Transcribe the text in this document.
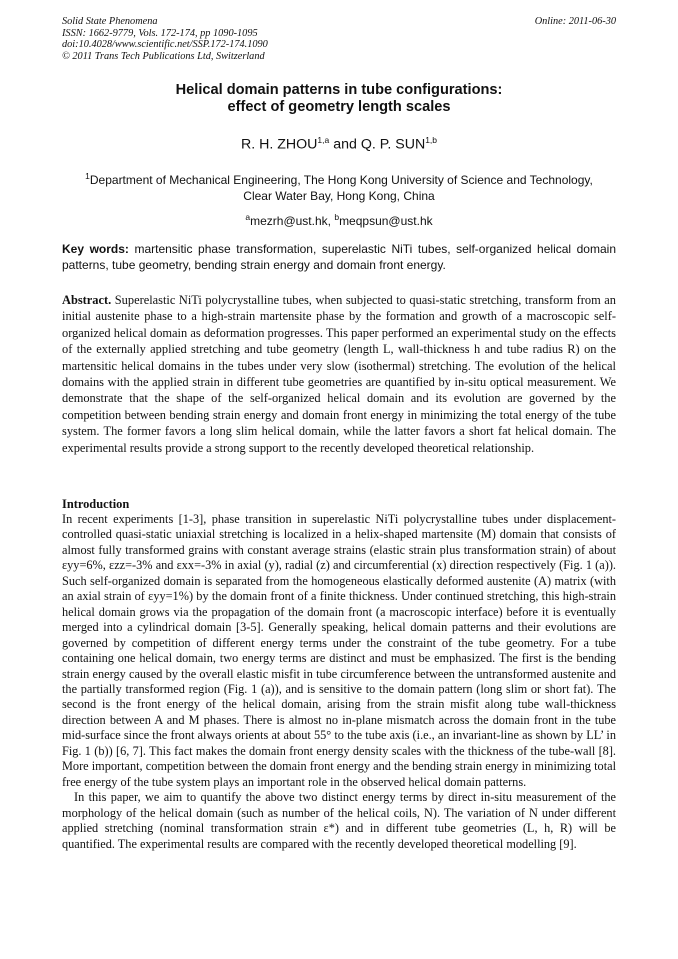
Solid State Phenomena
ISSN: 1662-9779, Vols. 172-174, pp 1090-1095
doi:10.4028/www.scientific.net/SSP.172-174.1090
© 2011 Trans Tech Publications Ltd, Switzerland
Online: 2011-06-30
Helical domain patterns in tube configurations:
effect of geometry length scales
R. H. ZHOU$^{1,a}$ and Q. P. SUN$^{1,b}$
$^1$Department of Mechanical Engineering, The Hong Kong University of Science and Technology,
Clear Water Bay, Hong Kong, China
$^a$mezrh@ust.hk, $^b$meqpsun@ust.hk
Key words: martensitic phase transformation, superelastic NiTi tubes, self-organized helical domain patterns, tube geometry, bending strain energy and domain front energy.
Abstract. Superelastic NiTi polycrystalline tubes, when subjected to quasi-static stretching, transform from an initial austenite phase to a high-strain martensite phase by the formation and growth of a macroscopic self-organized helical domain as deformation progresses. This paper performed an experimental study on the effects of the externally applied stretching and tube geometry (length L, wall-thickness h and tube radius R) on the martensitic helical domains in the tubes under very slow (isothermal) stretching. The evolution of the helical domains with the applied strain in different tube geometries are quantified by in-situ optical measurement. We demonstrate that the shape of the self-organized helical domain and its evolution are governed by the competition between bending strain energy and domain front energy in minimizing the total energy of the tube system. The former favors a long slim helical domain, while the latter favors a short fat helical domain. The experimental results provide a strong support to the recently developed theoretical relationship.
Introduction

In recent experiments [1-3], phase transition in superelastic NiTi polycrystalline tubes under displacement-controlled quasi-static uniaxial stretching is localized in a helix-shaped martensite (M) domain that consists of almost fully transformed grains with constant average strains (elastic strain plus transformation strain) of about εyy=6%, εzz=-3% and εxx=-3% in axial (y), radial (z) and circumferential (x) direction respectively (Fig. 1 (a)). Such self-organized domain is separated from the homogeneous elastically deformed austenite (A) matrix (with an axial strain of εyy=1%) by the domain front of a finite thickness. Under continued stretching, this high-strain helical domain grows via the propagation of the domain front (a macroscopic interface) before it is eventually merged into a cylindrical domain [3-5]. Generally speaking, helical domain patterns and their evolutions are governed by competition of different energy terms under the constraint of the tube geometry. For a tube containing one helical domain, two energy terms are distinct and must be emphasized. The first is the bending strain energy caused by the overall elastic misfit in tube circumference between the untransformed austenite and the partially transformed region (Fig. 1 (a)), and is sensitive to the domain pattern (long slim or short fat). The second is the front energy of the helical domain, arising from the strain misfit along tube wall-thickness direction between A and M phases. There is almost no in-plane mismatch across the domain front in the tube mid-surface since the front always orients at about 55° to the tube axis (i.e., an invariant-line as shown by LL’ in Fig. 1 (b)) [6, 7]. This fact makes the domain front energy density scales with the thickness of the tube-wall [8]. More important, competition between the domain front energy and the bending strain energy in minimizing total free energy of the tube system plays an important role in the observed helical domain patterns.

In this paper, we aim to quantify the above two distinct energy terms by direct in-situ measurement of the morphology of the helical domain (such as number of the helical coils, N). The variation of N under different applied stretching (nominal transformation strain ε*) and in different tube geometries (L, h, R) will be quantified. The experimental results are compared with the recently developed theoretical modelling [9].
